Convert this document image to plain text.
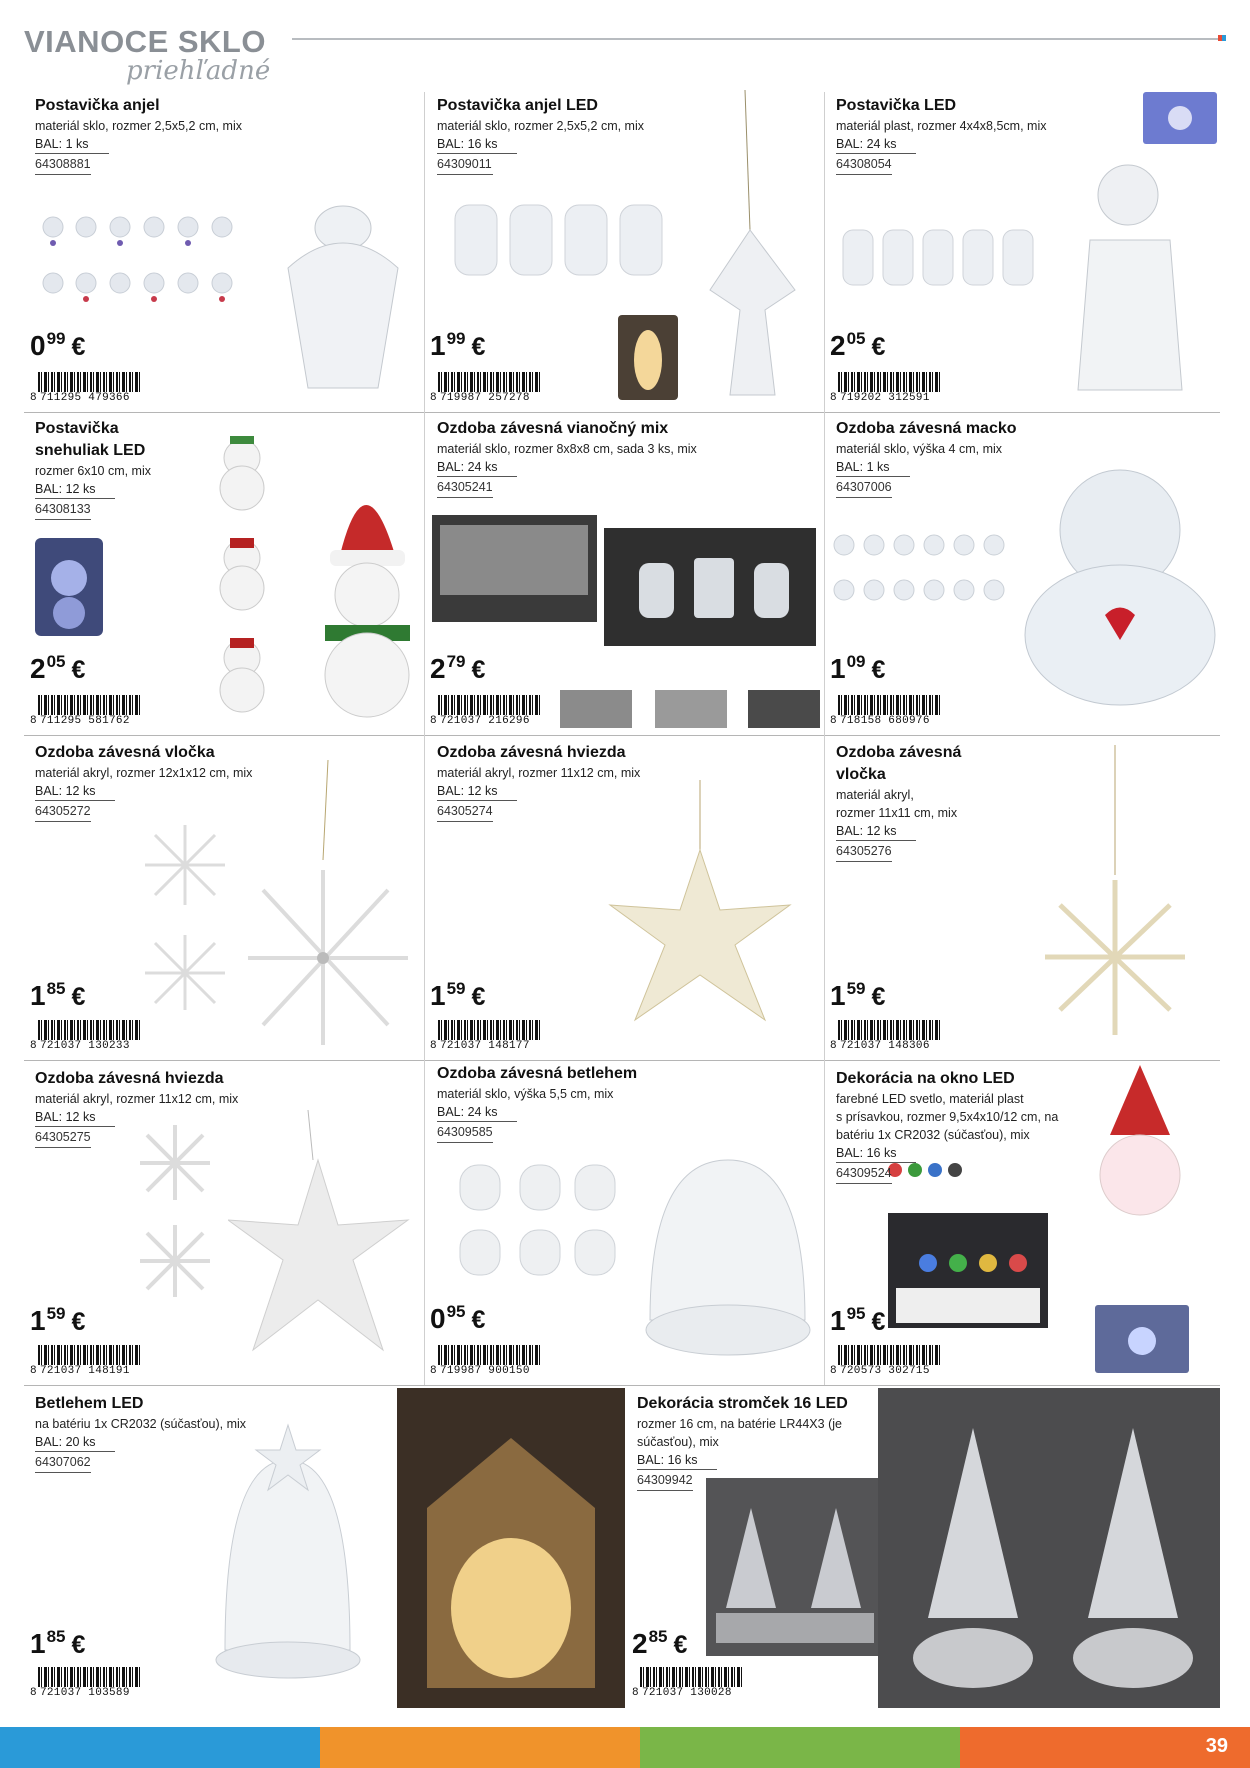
VIANOCE SKLO
priehľadné
Postavička anjel
materiál sklo, rozmer 2,5x5,2 cm, mix
BAL: 1 ks
64308881
099 €
8 711295 479366
Postavička anjel LED
materiál sklo, rozmer 2,5x5,2 cm, mix
BAL: 16 ks
64309011
199 €
8 719987 257278
Postavička LED
materiál plast, rozmer 4x4x8,5cm, mix
BAL: 24 ks
64308054
205 €
8 719202 312591
Postavička
snehuliak LED
rozmer 6x10 cm, mix
BAL: 12 ks
64308133
205 €
8 711295 581762
Ozdoba závesná vianočný mix
materiál sklo, rozmer 8x8x8 cm, sada 3 ks, mix
BAL: 24 ks
64305241
279 €
8 721037 216296
Ozdoba závesná macko
materiál sklo, výška 4 cm, mix
BAL: 1 ks
64307006
109 €
8 718158 680976
Ozdoba závesná vločka
materiál akryl, rozmer 12x1x12 cm, mix
BAL: 12 ks
64305272
185 €
8 721037 130233
Ozdoba závesná hviezda
materiál akryl, rozmer 11x12 cm, mix
BAL: 12 ks
64305274
159 €
8 721037 148177
Ozdoba závesná
vločka
materiál akryl,
rozmer 11x11 cm, mix
BAL: 12 ks
64305276
159 €
8 721037 148306
Ozdoba závesná hviezda
materiál akryl, rozmer 11x12 cm, mix
BAL: 12 ks
64305275
159 €
8 721037 148191
Ozdoba závesná betlehem
materiál sklo, výška 5,5 cm, mix
BAL: 24 ks
64309585
095 €
8 719987 900150
Dekorácia na okno LED
farebné LED svetlo, materiál plast
s prísavkou, rozmer 9,5x4x10/12 cm, na
batériu 1x CR2032 (súčasťou), mix
BAL: 16 ks
64309524
195 €
8 720573 302715
Betlehem LED
na batériu 1x CR2032 (súčasťou), mix
BAL: 20 ks
64307062
185 €
8 721037 103589
Dekorácia stromček 16 LED
rozmer 16 cm, na batérie LR44X3 (je
súčasťou), mix
BAL: 16 ks
64309942
285 €
8 721037 130028
39
